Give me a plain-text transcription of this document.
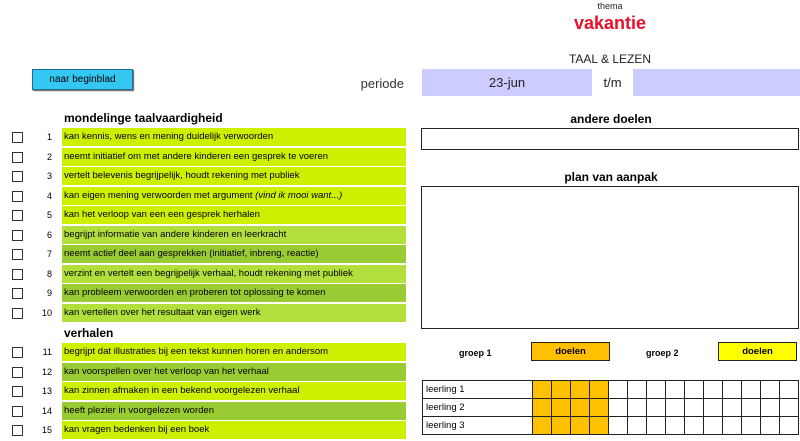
thema
vakantie
TAAL & LEZEN
naar beginblad	periode	23-jun	t/m
mondelinge taalvaardigheid
1 kan kennis, wens en mening duidelijk verwoorden
2 neemt initiatief om met andere kinderen een gesprek te voeren
3 vertelt belevenis begrijpelijk, houdt rekening met publiek
4 kan eigen mening verwoorden met argument (vind ik mooi want...)
5 kan het verloop van een een gesprek herhalen
6 begrijpt informatie van andere kinderen en leerkracht
7 neemt actief deel aan gesprekken (initiatief, inbreng, reactie)
8 verzint en vertelt een begrijpelijk verhaal, houdt rekening met publiek
9 kan probleem verwoorden en proberen tot oplossing te komen
10 kan vertellen over het resultaat van eigen werk
verhalen
11 begrijpt dat illustraties bij een tekst kunnen horen en andersom
12 kan voorspellen over het verloop van het verhaal
13 kan zinnen afmaken in een bekend voorgelezen verhaal
14 heeft plezier in voorgelezen worden
15 kan vragen bedenken bij een boek
andere doelen
plan van aanpak
groep 1	doelen	groep 2	doelen
leerling 1														
leerling 2														
leerling 3														
